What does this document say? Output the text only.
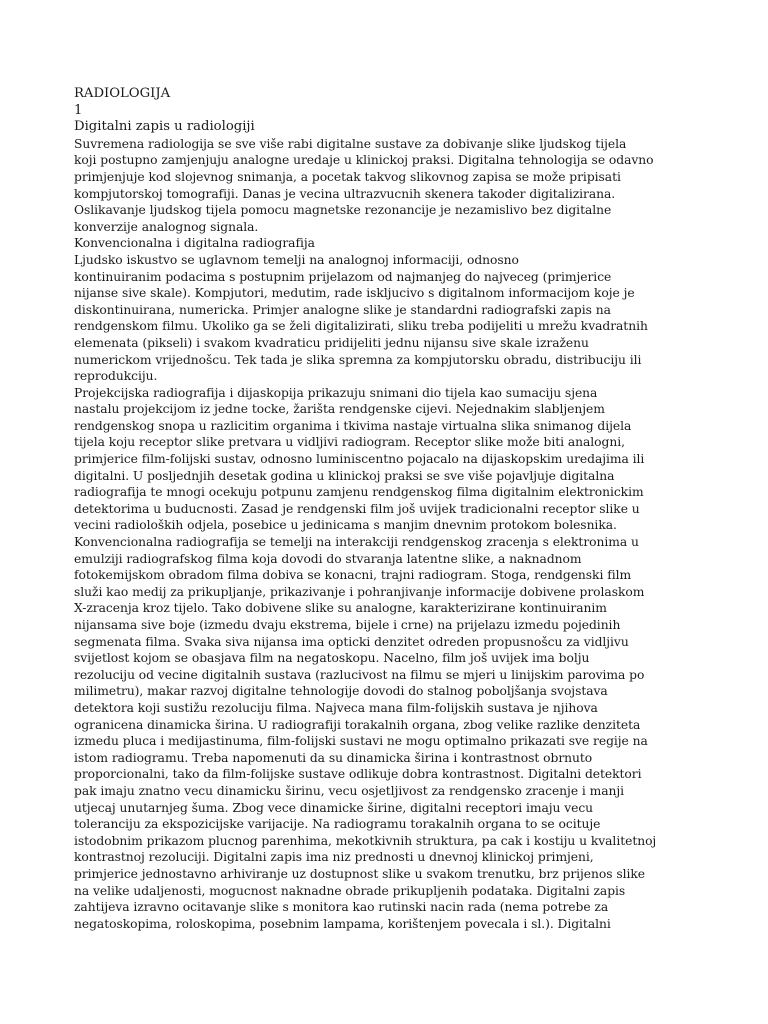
RADIOLOGIJA
1
Digitalni zapis u radiologiji
Suvremena radiologija se sve više rabi digitalne sustave za dobivanje slike ljudskog tijela
koji postupno zamjenjuju analogne uredaje u klinickoj praksi. Digitalna tehnologija se odavno
primjenjuje kod slojevnog snimanja, a pocetak takvog slikovnog zapisa se može pripisati
kompjutorskoj tomografiji. Danas je vecina ultrazvucnih skenera takoder digitalizirana.
Oslikavanje ljudskog tijela pomocu magnetske rezonancije je nezamislivo bez digitalne
konverzije analognog signala.
Konvencionalna i digitalna radiografija
Ljudsko iskustvo se uglavnom temelji na analognoj informaciji, odnosno
kontinuiranim podacima s postupnim prijelazom od najmanjeg do najveceg (primjerice
nijanse sive skale). Kompjutori, medutim, rade iskljucivo s digitalnom informacijom koje je
diskontinuirana, numericka. Primjer analogne slike je standardni radiografski zapis na
rendgenskom filmu. Ukoliko ga se želi digitalizirati, sliku treba podijeliti u mrežu kvadratnih
elemenata (pikseli) i svakom kvadraticu pridijeliti jednu nijansu sive skale izraženu
numerickom vrijednošcu. Tek tada je slika spremna za kompjutorsku obradu, distribuciju ili
reprodukciju.
Projekcijska radiografija i dijaskopija prikazuju snimani dio tijela kao sumaciju sjena
nastalu projekcijom iz jedne tocke, žarišta rendgenske cijevi. Nejednakim slabljenjem
rendgenskog snopa u razlicitim organima i tkivima nastaje virtualna slika snimanog dijela
tijela koju receptor slike pretvara u vidljivi radiogram. Receptor slike može biti analogni,
primjerice film-folijski sustav, odnosno luminiscentno pojacalo na dijaskopskim uredajima ili
digitalni. U posljednjih desetak godina u klinickoj praksi se sve više pojavljuje digitalna
radiografija te mnogi ocekuju potpunu zamjenu rendgenskog filma digitalnim elektronickim
detektorima u buducnosti. Zasad je rendgenski film još uvijek tradicionalni receptor slike u
vecini radioloških odjela, posebice u jedinicama s manjim dnevnim protokom bolesnika.
Konvencionalna radiografija se temelji na interakciji rendgenskog zracenja s elektronima u
emulziji radiografskog filma koja dovodi do stvaranja latentne slike, a naknadnom
fotokemijskom obradom filma dobiva se konacni, trajni radiogram. Stoga, rendgenski film
služi kao medij za prikupljanje, prikazivanje i pohranjivanje informacije dobivene prolaskom
X-zracenja kroz tijelo. Tako dobivene slike su analogne, karakterizirane kontinuiranim
nijansama sive boje (izmedu dvaju ekstrema, bijele i crne) na prijelazu izmedu pojedinih
segmenata filma. Svaka siva nijansa ima opticki denzitet odreden propusnošcu za vidljivu
svijetlost kojom se obasjava film na negatoskopu. Nacelno, film još uvijek ima bolju
rezoluciju od vecine digitalnih sustava (razlucivost na filmu se mjeri u linijskim parovima po
milimetru), makar razvoj digitalne tehnologije dovodi do stalnog poboljšanja svojstava
detektora koji sustižu rezoluciju filma. Najveca mana film-folijskih sustava je njihova
ogranicena dinamicka širina. U radiografiji torakalnih organa, zbog velike razlike denziteta
izmedu pluca i medijastinuma, film-folijski sustavi ne mogu optimalno prikazati sve regije na
istom radiogramu. Treba napomenuti da su dinamicka širina i kontrastnost obrnuto
proporcionalni, tako da film-folijske sustave odlikuje dobra kontrastnost. Digitalni detektori
pak imaju znatno vecu dinamicku širinu, vecu osjetljivost za rendgensko zracenje i manji
utjecaj unutarnjeg šuma. Zbog vece dinamicke širine, digitalni receptori imaju vecu
toleranciju za ekspozicijske varijacije. Na radiogramu torakalnih organa to se ocituje
istodobnim prikazom plucnog parenhima, mekotkivnih struktura, pa cak i kostiju u kvalitetnoj
kontrastnoj rezoluciji. Digitalni zapis ima niz prednosti u dnevnoj klinickoj primjeni,
primjerice jednostavno arhiviranje uz dostupnost slike u svakom trenutku, brz prijenos slike
na velike udaljenosti, mogucnost naknadne obrade prikupljenih podataka. Digitalni zapis
zahtijeva izravno ocitavanje slike s monitora kao rutinski nacin rada (nema potrebe za
negatoskopima, roloskopima, posebnim lampama, korištenjem povecala i sl.). Digitalni
